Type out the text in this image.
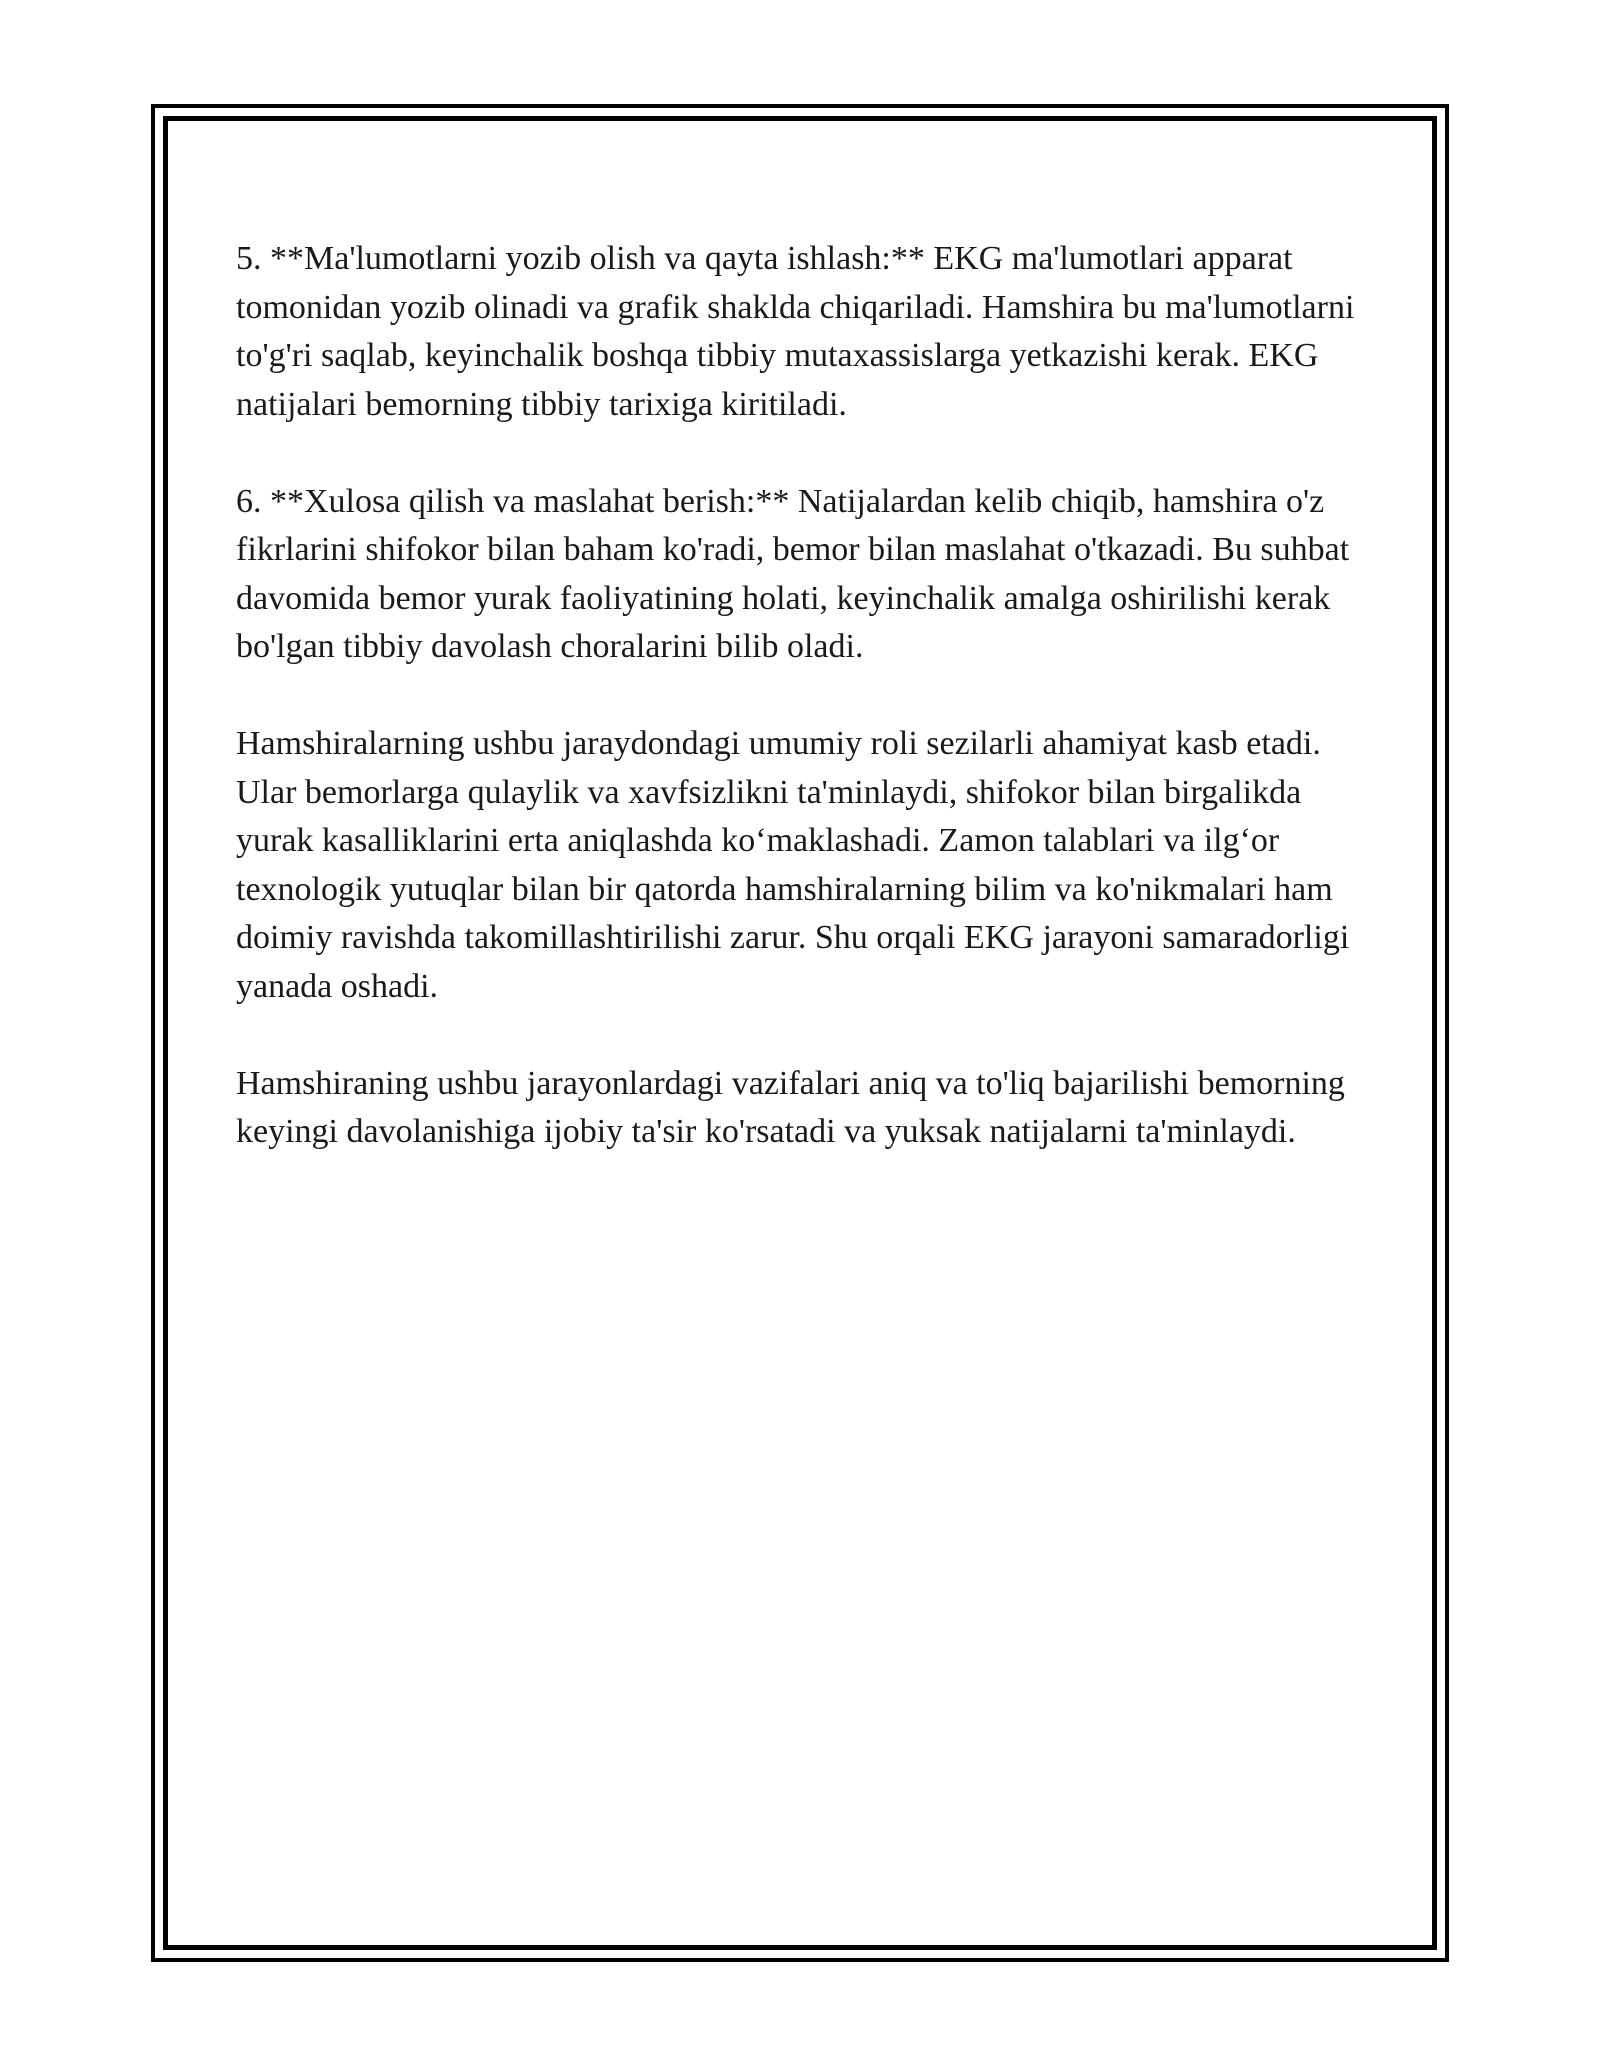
5. **Ma'lumotlarni yozib olish va qayta ishlash:** EKG ma'lumotlari apparat tomonidan yozib olinadi va grafik shaklda chiqariladi. Hamshira bu ma'lumotlarni to'g'ri saqlab, keyinchalik boshqa tibbiy mutaxassislarga yetkazishi kerak. EKG natijalari bemorning tibbiy tarixiga kiritiladi.

6. **Xulosa qilish va maslahat berish:** Natijalardan kelib chiqib, hamshira o'z fikrlarini shifokor bilan baham ko'radi, bemor bilan maslahat o'tkazadi. Bu suhbat davomida bemor yurak faoliyatining holati, keyinchalik amalga oshirilishi kerak bo'lgan tibbiy davolash choralarini bilib oladi.

Hamshiralarning ushbu jaraydondagi umumiy roli sezilarli ahamiyat kasb etadi. Ular bemorlarga qulaylik va xavfsizlikni ta'minlaydi, shifokor bilan birgalikda yurak kasalliklarini erta aniqlashda koʻmaklashadi. Zamon talablari va ilgʻor texnologik yutuqlar bilan bir qatorda hamshiralarning bilim va ko'nikmalari ham doimiy ravishda takomillashtirilishi zarur. Shu orqali EKG jarayoni samaradorligi yanada oshadi.

Hamshiraning ushbu jarayonlardagi vazifalari aniq va to'liq bajarilishi bemorning keyingi davolanishiga ijobiy ta'sir ko'rsatadi va yuksak natijalarni ta'minlaydi.
